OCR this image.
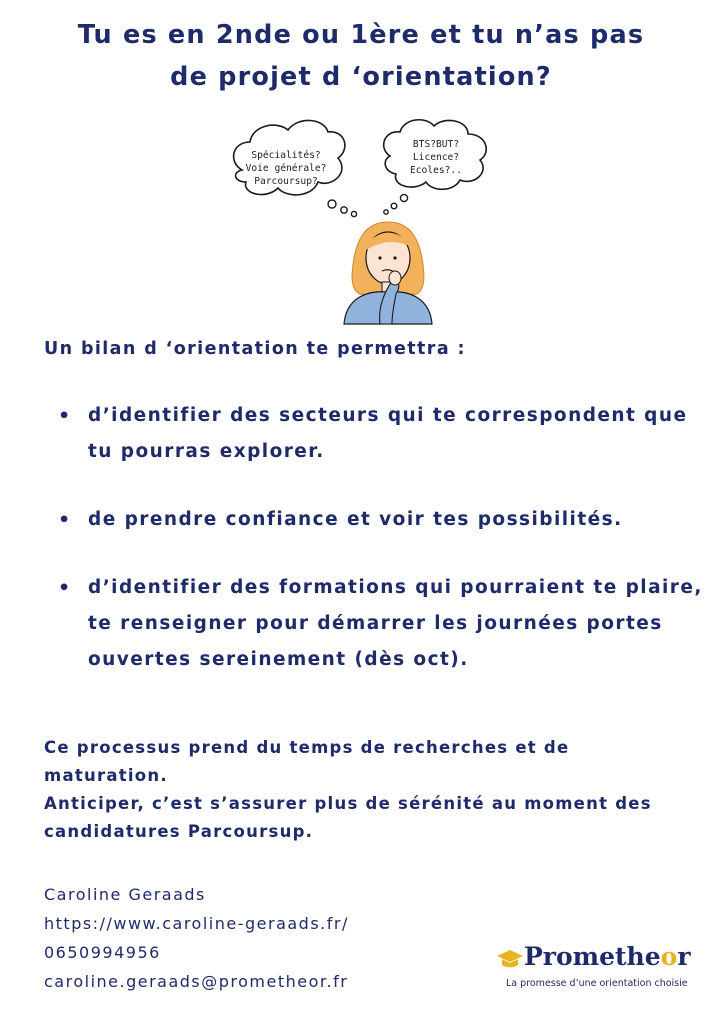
Tu es en 2nde ou 1ère et tu n’as pas
de projet d ‘orientation?
Spécialités?
Voie générale?
Parcoursup?
BTS?BUT?
Licence?
Ecoles?..

Un bilan d ‘orientation te permettra :

• d’identifier des secteurs qui te correspondent que tu pourras explorer.
• de prendre confiance et voir tes possibilités.
• d’identifier des formations qui pourraient te plaire, te renseigner pour démarrer les journées portes ouvertes sereinement (dès oct).

Ce processus prend du temps de recherches et de maturation.
Anticiper, c’est s’assurer plus de sérénité au moment des candidatures Parcoursup.

Caroline Geraads
https://www.caroline-geraads.fr/
0650994956
caroline.geraads@prometheor.fr
Prometheor
La promesse d’une orientation choisie
